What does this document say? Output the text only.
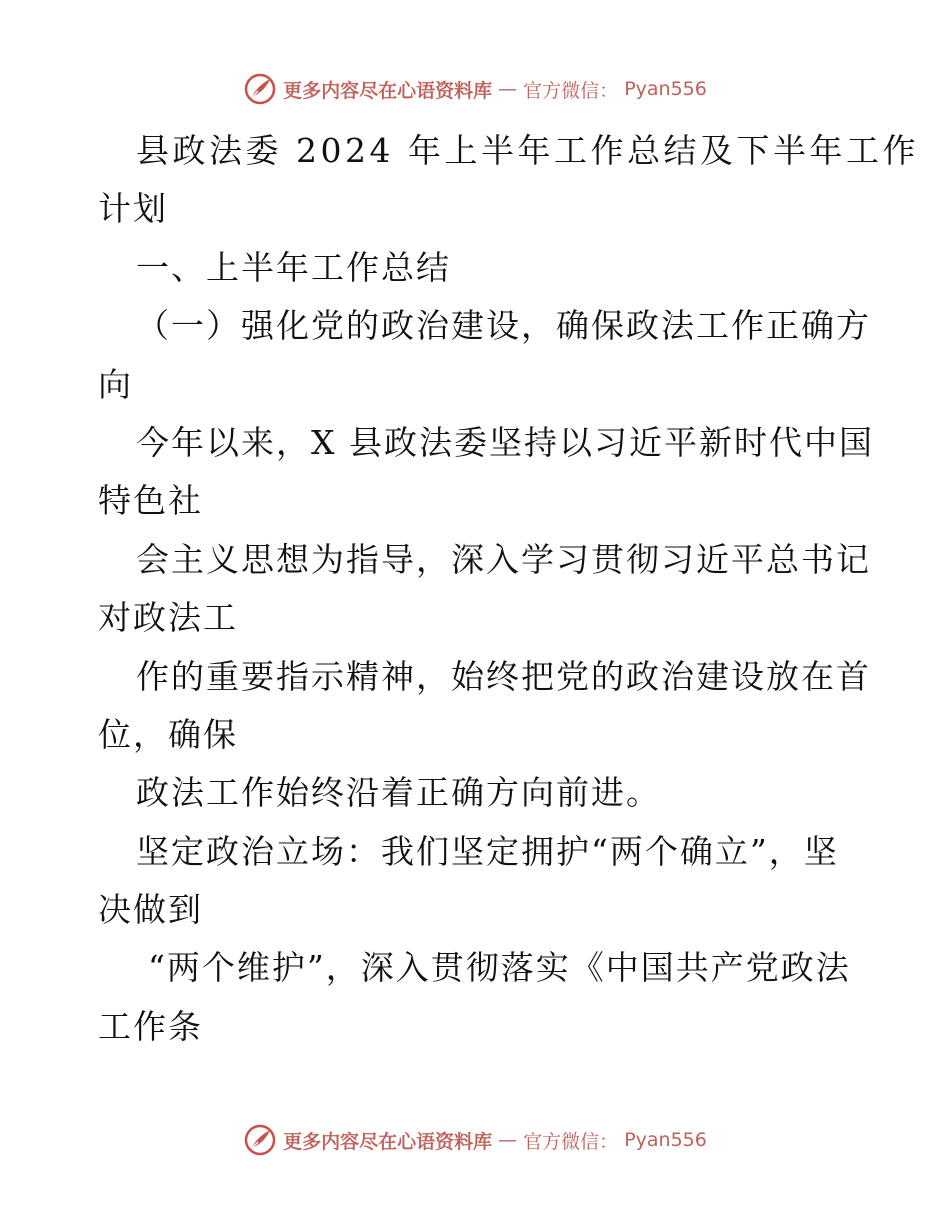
更多内容尽在心语资料库 — 官方微信： Pyan556
县政法委 2024 年上半年工作总结及下半年工作
计划
一、上半年工作总结
（一）强化党的政治建设，确保政法工作正确方
向
今年以来，X 县政法委坚持以习近平新时代中国
特色社
会主义思想为指导，深入学习贯彻习近平总书记
对政法工
作的重要指示精神，始终把党的政治建设放在首
位，确保
政法工作始终沿着正确方向前进。
坚定政治立场：我们坚定拥护“两个确立”，坚
决做到
“两个维护”，深入贯彻落实《中国共产党政法
工作条
更多内容尽在心语资料库 — 官方微信： Pyan556
